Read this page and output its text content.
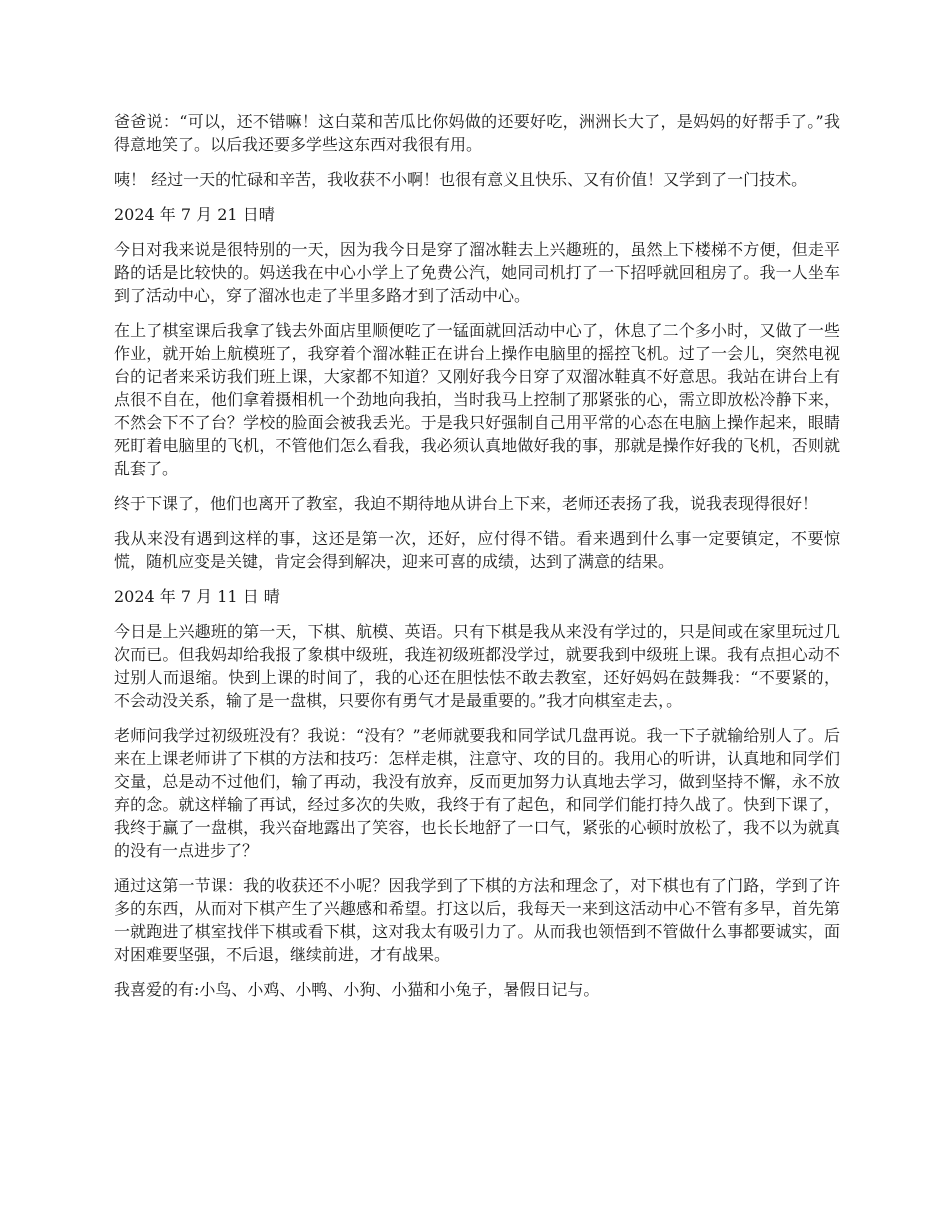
爸爸说：“可以，还不错嘛！这白菜和苦瓜比你妈做的还要好吃，洲洲长大了，是妈妈的好帮手了。”我得意地笑了。以后我还要多学些这东西对我很有用。

咦！ 经过一天的忙碌和辛苦，我收获不小啊！也很有意义且快乐、又有价值！又学到了一门技术。

2024 年 7 月 21 日晴

今日对我来说是很特别的一天，因为我今日是穿了溜冰鞋去上兴趣班的，虽然上下楼梯不方便，但走平路的话是比较快的。妈送我在中心小学上了免费公汽，她同司机打了一下招呼就回租房了。我一人坐车到了活动中心，穿了溜冰也走了半里多路才到了活动中心。

在上了棋室课后我拿了钱去外面店里顺便吃了一锰面就回活动中心了，休息了二个多小时，又做了一些作业，就开始上航模班了，我穿着个溜冰鞋正在讲台上操作电脑里的摇控飞机。过了一会儿，突然电视台的记者来采访我们班上课，大家都不知道？又刚好我今日穿了双溜冰鞋真不好意思。我站在讲台上有点很不自在，他们拿着摄相机一个劲地向我拍，当时我马上控制了那紧张的心，需立即放松冷静下来，不然会下不了台？学校的脸面会被我丢光。于是我只好强制自己用平常的心态在电脑上操作起来，眼睛死盯着电脑里的飞机，不管他们怎么看我，我必须认真地做好我的事，那就是操作好我的飞机，否则就乱套了。

终于下课了，他们也离开了教室，我迫不期待地从讲台上下来，老师还表扬了我，说我表现得很好！

我从来没有遇到这样的事，这还是第一次，还好，应付得不错。看来遇到什么事一定要镇定，不要惊慌，随机应变是关键，肯定会得到解决，迎来可喜的成绩，达到了满意的结果。

2024 年 7 月 11 日 晴

今日是上兴趣班的第一天，下棋、航模、英语。只有下棋是我从来没有学过的，只是间或在家里玩过几次而已。但我妈却给我报了象棋中级班，我连初级班都没学过，就要我到中级班上课。我有点担心动不过别人而退缩。快到上课的时间了，我的心还在胆怯怯不敢去教室，还好妈妈在鼓舞我：“不要紧的，不会动没关系，输了是一盘棋，只要你有勇气才是最重要的。”我才向棋室走去，。

老师问我学过初级班没有？我说：“没有？”老师就要我和同学试几盘再说。我一下子就输给别人了。后来在上课老师讲了下棋的方法和技巧：怎样走棋，注意守、攻的目的。我用心的听讲，认真地和同学们交量，总是动不过他们，输了再动，我没有放弃，反而更加努力认真地去学习，做到坚持不懈，永不放弃的念。就这样输了再试，经过多次的失败，我终于有了起色，和同学们能打持久战了。快到下课了，我终于赢了一盘棋，我兴奋地露出了笑容，也长长地舒了一口气，紧张的心顿时放松了，我不以为就真的没有一点进步了？

通过这第一节课：我的收获还不小呢？因我学到了下棋的方法和理念了，对下棋也有了门路，学到了许多的东西，从而对下棋产生了兴趣感和希望。打这以后，我每天一来到这活动中心不管有多早，首先第一就跑进了棋室找伴下棋或看下棋，这对我太有吸引力了。从而我也领悟到不管做什么事都要诚实，面对困难要坚强，不后退，继续前进，才有战果。

我喜爱的有:小鸟、小鸡、小鸭、小狗、小猫和小兔子，暑假日记与。
